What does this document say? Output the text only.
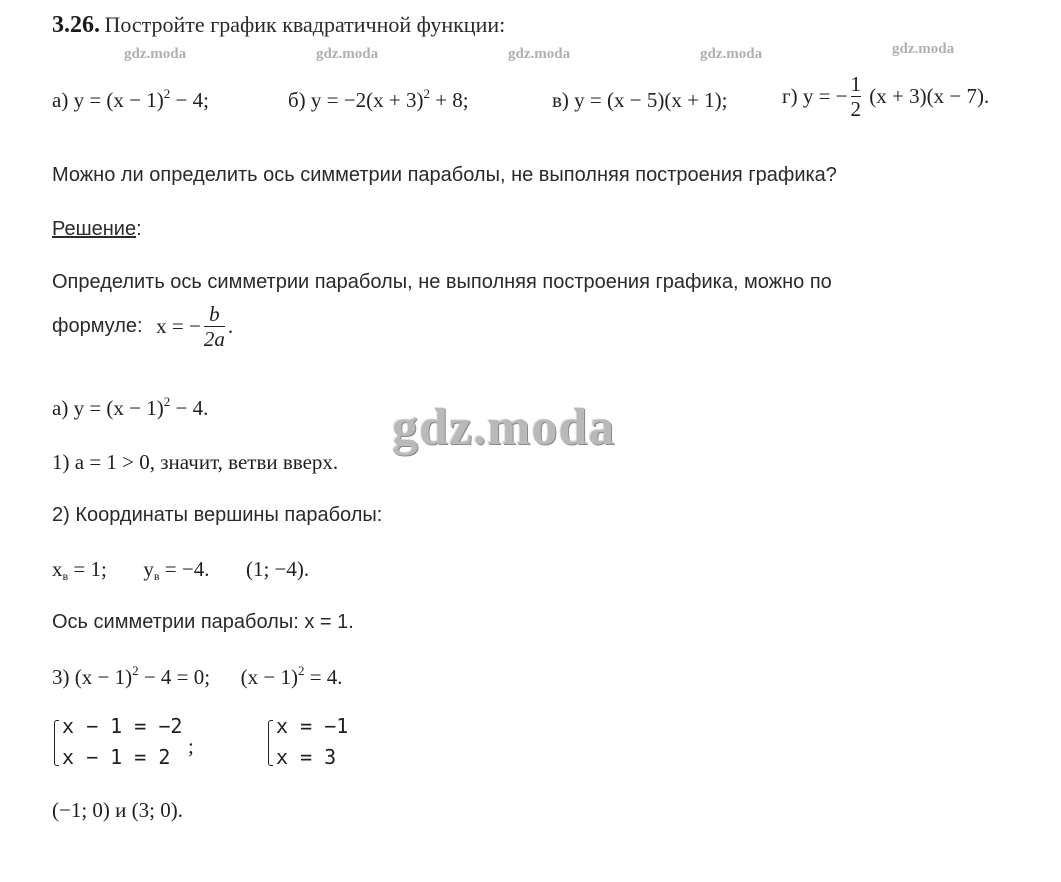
3.26. Постройте график квадратичной функции:
gdz.moda	gdz.moda	gdz.moda	gdz.moda	gdz.moda
а) $y = (x - 1)^2 - 4$;	б) $y = -2(x + 3)^2 + 8$;	в) y = (x − 5)(x + 1);	г) y = − $\frac{1}{2} (x + 3)(x - 7)$.
Можно ли определить ось симметрии параболы, не выполняя построения графика?
Решение:
Определить ось симметрии параболы, не выполняя построения графика, можно по
формуле: x = − $\frac{b}{2a}$ .
а) $y = (x - 1)^2 - 4$.
1) a = 1 > 0, значит, ветви вверх.
2) Координаты вершины параболы:
$x_в = 1$; $y_в = -4$. (1; −4).
Ось симметрии параболы: x = 1.
3) $(x - 1)^2 - 4 = 0$; $(x - 1)^2 = 4$.
x − 1 = −2
x − 1 = 2 ;
x = −1
x = 3
(−1; 0) и (3; 0).
gdz.moda
